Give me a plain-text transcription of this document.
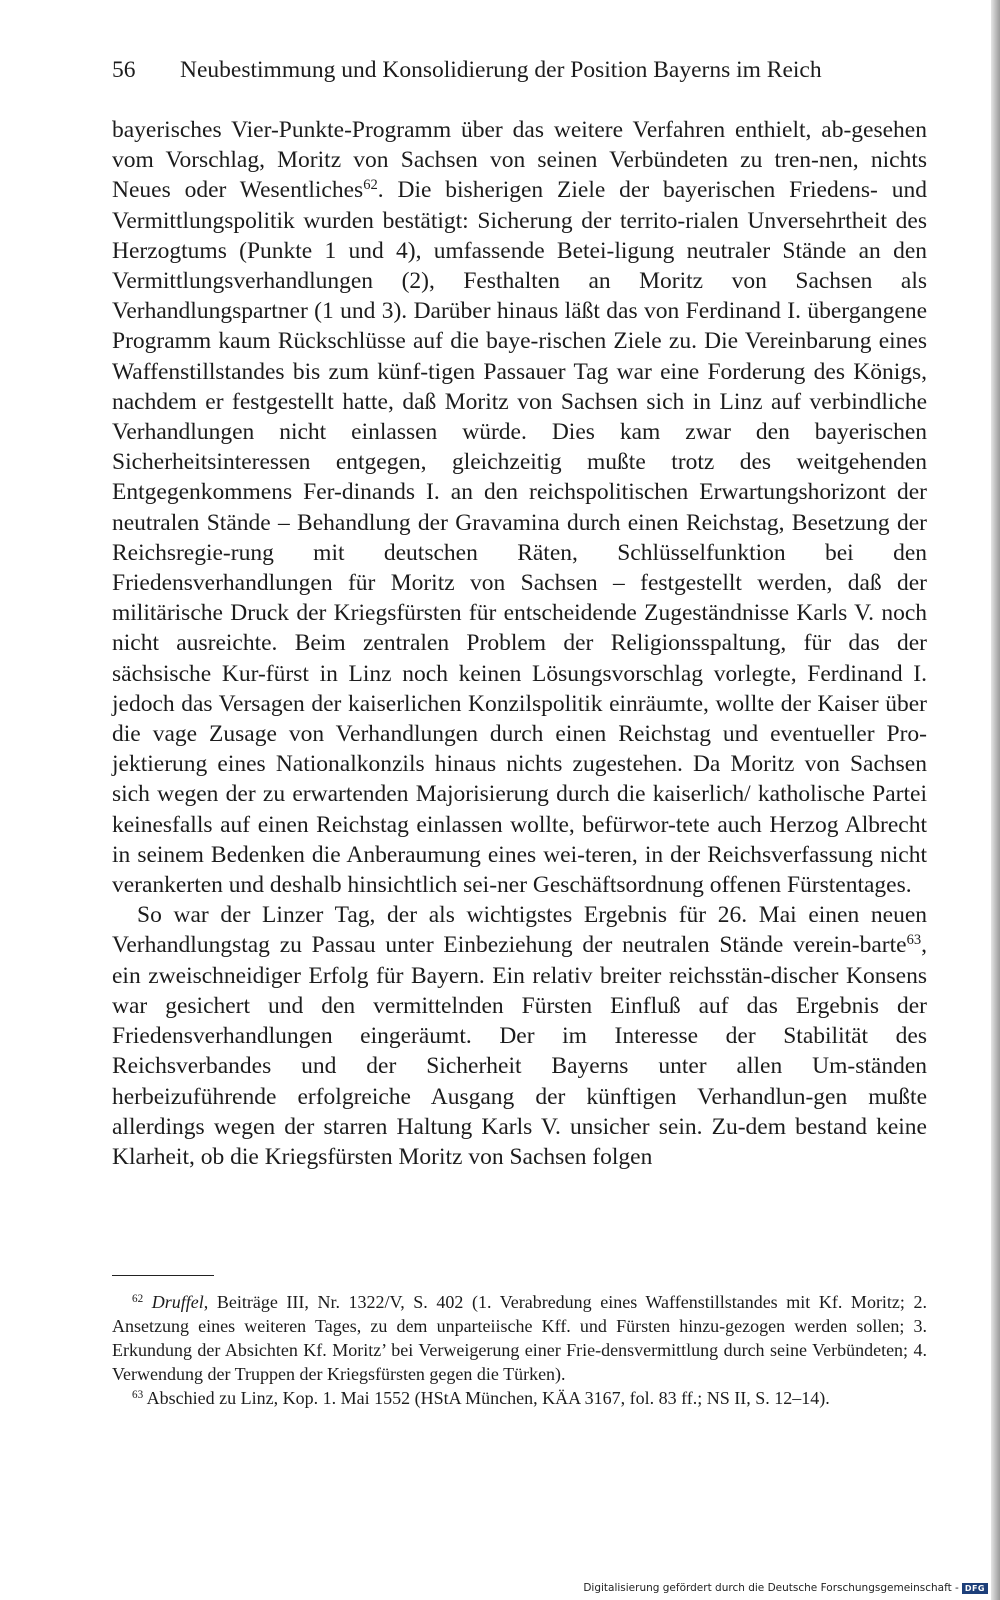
56 Neubestimmung und Konsolidierung der Position Bayerns im Reich

bayerisches Vier-Punkte-Programm über das weitere Verfahren enthielt, ab-gesehen vom Vorschlag, Moritz von Sachsen von seinen Verbündeten zu tren-nen, nichts Neues oder Wesentliches$^{62}$. Die bisherigen Ziele der bayerischen Friedens- und Vermittlungspolitik wurden bestätigt: Sicherung der territo-rialen Unversehrtheit des Herzogtums (Punkte 1 und 4), umfassende Betei-ligung neutraler Stände an den Vermittlungsverhandlungen (2), Festhalten an Moritz von Sachsen als Verhandlungspartner (1 und 3). Darüber hinaus läßt das von Ferdinand I. übergangene Programm kaum Rückschlüsse auf die baye-rischen Ziele zu. Die Vereinbarung eines Waffenstillstandes bis zum künf-tigen Passauer Tag war eine Forderung des Königs, nachdem er festgestellt hatte, daß Moritz von Sachsen sich in Linz auf verbindliche Verhandlungen nicht einlassen würde. Dies kam zwar den bayerischen Sicherheitsinteressen entgegen, gleichzeitig mußte trotz des weitgehenden Entgegenkommens Fer-dinands I. an den reichspolitischen Erwartungshorizont der neutralen Stände – Behandlung der Gravamina durch einen Reichstag, Besetzung der Reichsregie-rung mit deutschen Räten, Schlüsselfunktion bei den Friedensverhandlungen für Moritz von Sachsen – festgestellt werden, daß der militärische Druck der Kriegsfürsten für entscheidende Zugeständnisse Karls V. noch nicht ausreichte. Beim zentralen Problem der Religionsspaltung, für das der sächsische Kur-fürst in Linz noch keinen Lösungsvorschlag vorlegte, Ferdinand I. jedoch das Versagen der kaiserlichen Konzilspolitik einräumte, wollte der Kaiser über die vage Zusage von Verhandlungen durch einen Reichstag und eventueller Pro-jektierung eines Nationalkonzils hinaus nichts zugestehen. Da Moritz von Sachsen sich wegen der zu erwartenden Majorisierung durch die kaiserlich/ katholische Partei keinesfalls auf einen Reichstag einlassen wollte, befürwor-tete auch Herzog Albrecht in seinem Bedenken die Anberaumung eines wei-teren, in der Reichsverfassung nicht verankerten und deshalb hinsichtlich sei-ner Geschäftsordnung offenen Fürstentages.

So war der Linzer Tag, der als wichtigstes Ergebnis für 26. Mai einen neuen Verhandlungstag zu Passau unter Einbeziehung der neutralen Stände verein-barte$^{63}$, ein zweischneidiger Erfolg für Bayern. Ein relativ breiter reichsstän-discher Konsens war gesichert und den vermittelnden Fürsten Einfluß auf das Ergebnis der Friedensverhandlungen eingeräumt. Der im Interesse der Stabilität des Reichsverbandes und der Sicherheit Bayerns unter allen Um-ständen herbeizuführende erfolgreiche Ausgang der künftigen Verhandlun-gen mußte allerdings wegen der starren Haltung Karls V. unsicher sein. Zu-dem bestand keine Klarheit, ob die Kriegsfürsten Moritz von Sachsen folgen

$^{62}$ Druffel, Beiträge III, Nr. 1322/V, S. 402 (1. Verabredung eines Waffenstillstandes mit Kf. Moritz; 2. Ansetzung eines weiteren Tages, zu dem unparteiische Kff. und Fürsten hinzu-gezogen werden sollen; 3. Erkundung der Absichten Kf. Moritz’ bei Verweigerung einer Frie-densvermittlung durch seine Verbündeten; 4. Verwendung der Truppen der Kriegsfürsten gegen die Türken).

$^{63}$ Abschied zu Linz, Kop. 1. Mai 1552 (HStA München, KÄA 3167, fol. 83 ff.; NS II, S. 12–14).

Digitalisierung gefördert durch die Deutsche Forschungsgemeinschaft - DFG
